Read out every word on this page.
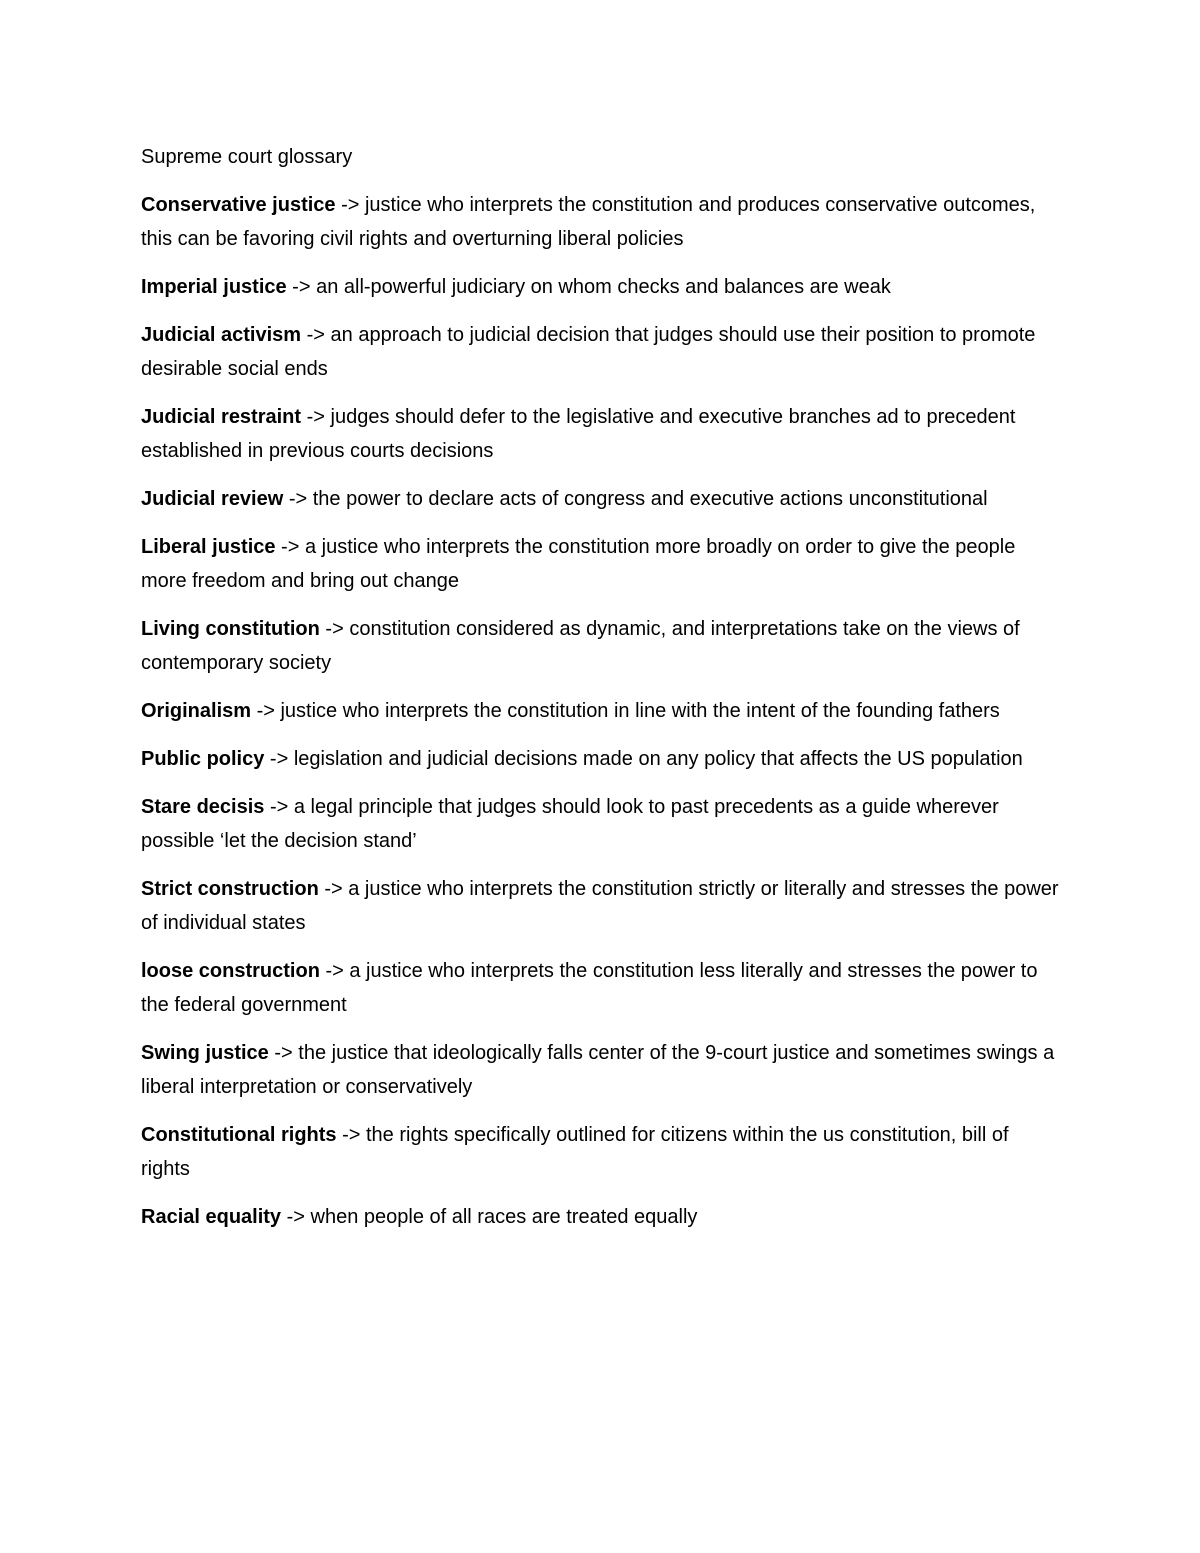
Supreme court glossary
Conservative justice -> justice who interprets the constitution and produces conservative outcomes, this can be favoring civil rights and overturning liberal policies
Imperial justice -> an all-powerful judiciary on whom checks and balances are weak
Judicial activism -> an approach to judicial decision that judges should use their position to promote desirable social ends
Judicial restraint -> judges should defer to the legislative and executive branches ad to precedent established in previous courts decisions
Judicial review -> the power to declare acts of congress and executive actions unconstitutional
Liberal justice -> a justice who interprets the constitution more broadly on order to give the people more freedom and bring out change
Living constitution -> constitution considered as dynamic, and interpretations take on the views of contemporary society
Originalism -> justice who interprets the constitution in line with the intent of the founding fathers
Public policy -> legislation and judicial decisions made on any policy that affects the US population
Stare decisis -> a legal principle that judges should look to past precedents as a guide wherever possible ‘let the decision stand’
Strict construction -> a justice who interprets the constitution strictly or literally and stresses the power of individual states
loose construction -> a justice who interprets the constitution less literally and stresses the power to the federal government
Swing justice -> the justice that ideologically falls center of the 9-court justice and sometimes swings a liberal interpretation or conservatively
Constitutional rights -> the rights specifically outlined for citizens within the us constitution, bill of rights
Racial equality -> when people of all races are treated equally
